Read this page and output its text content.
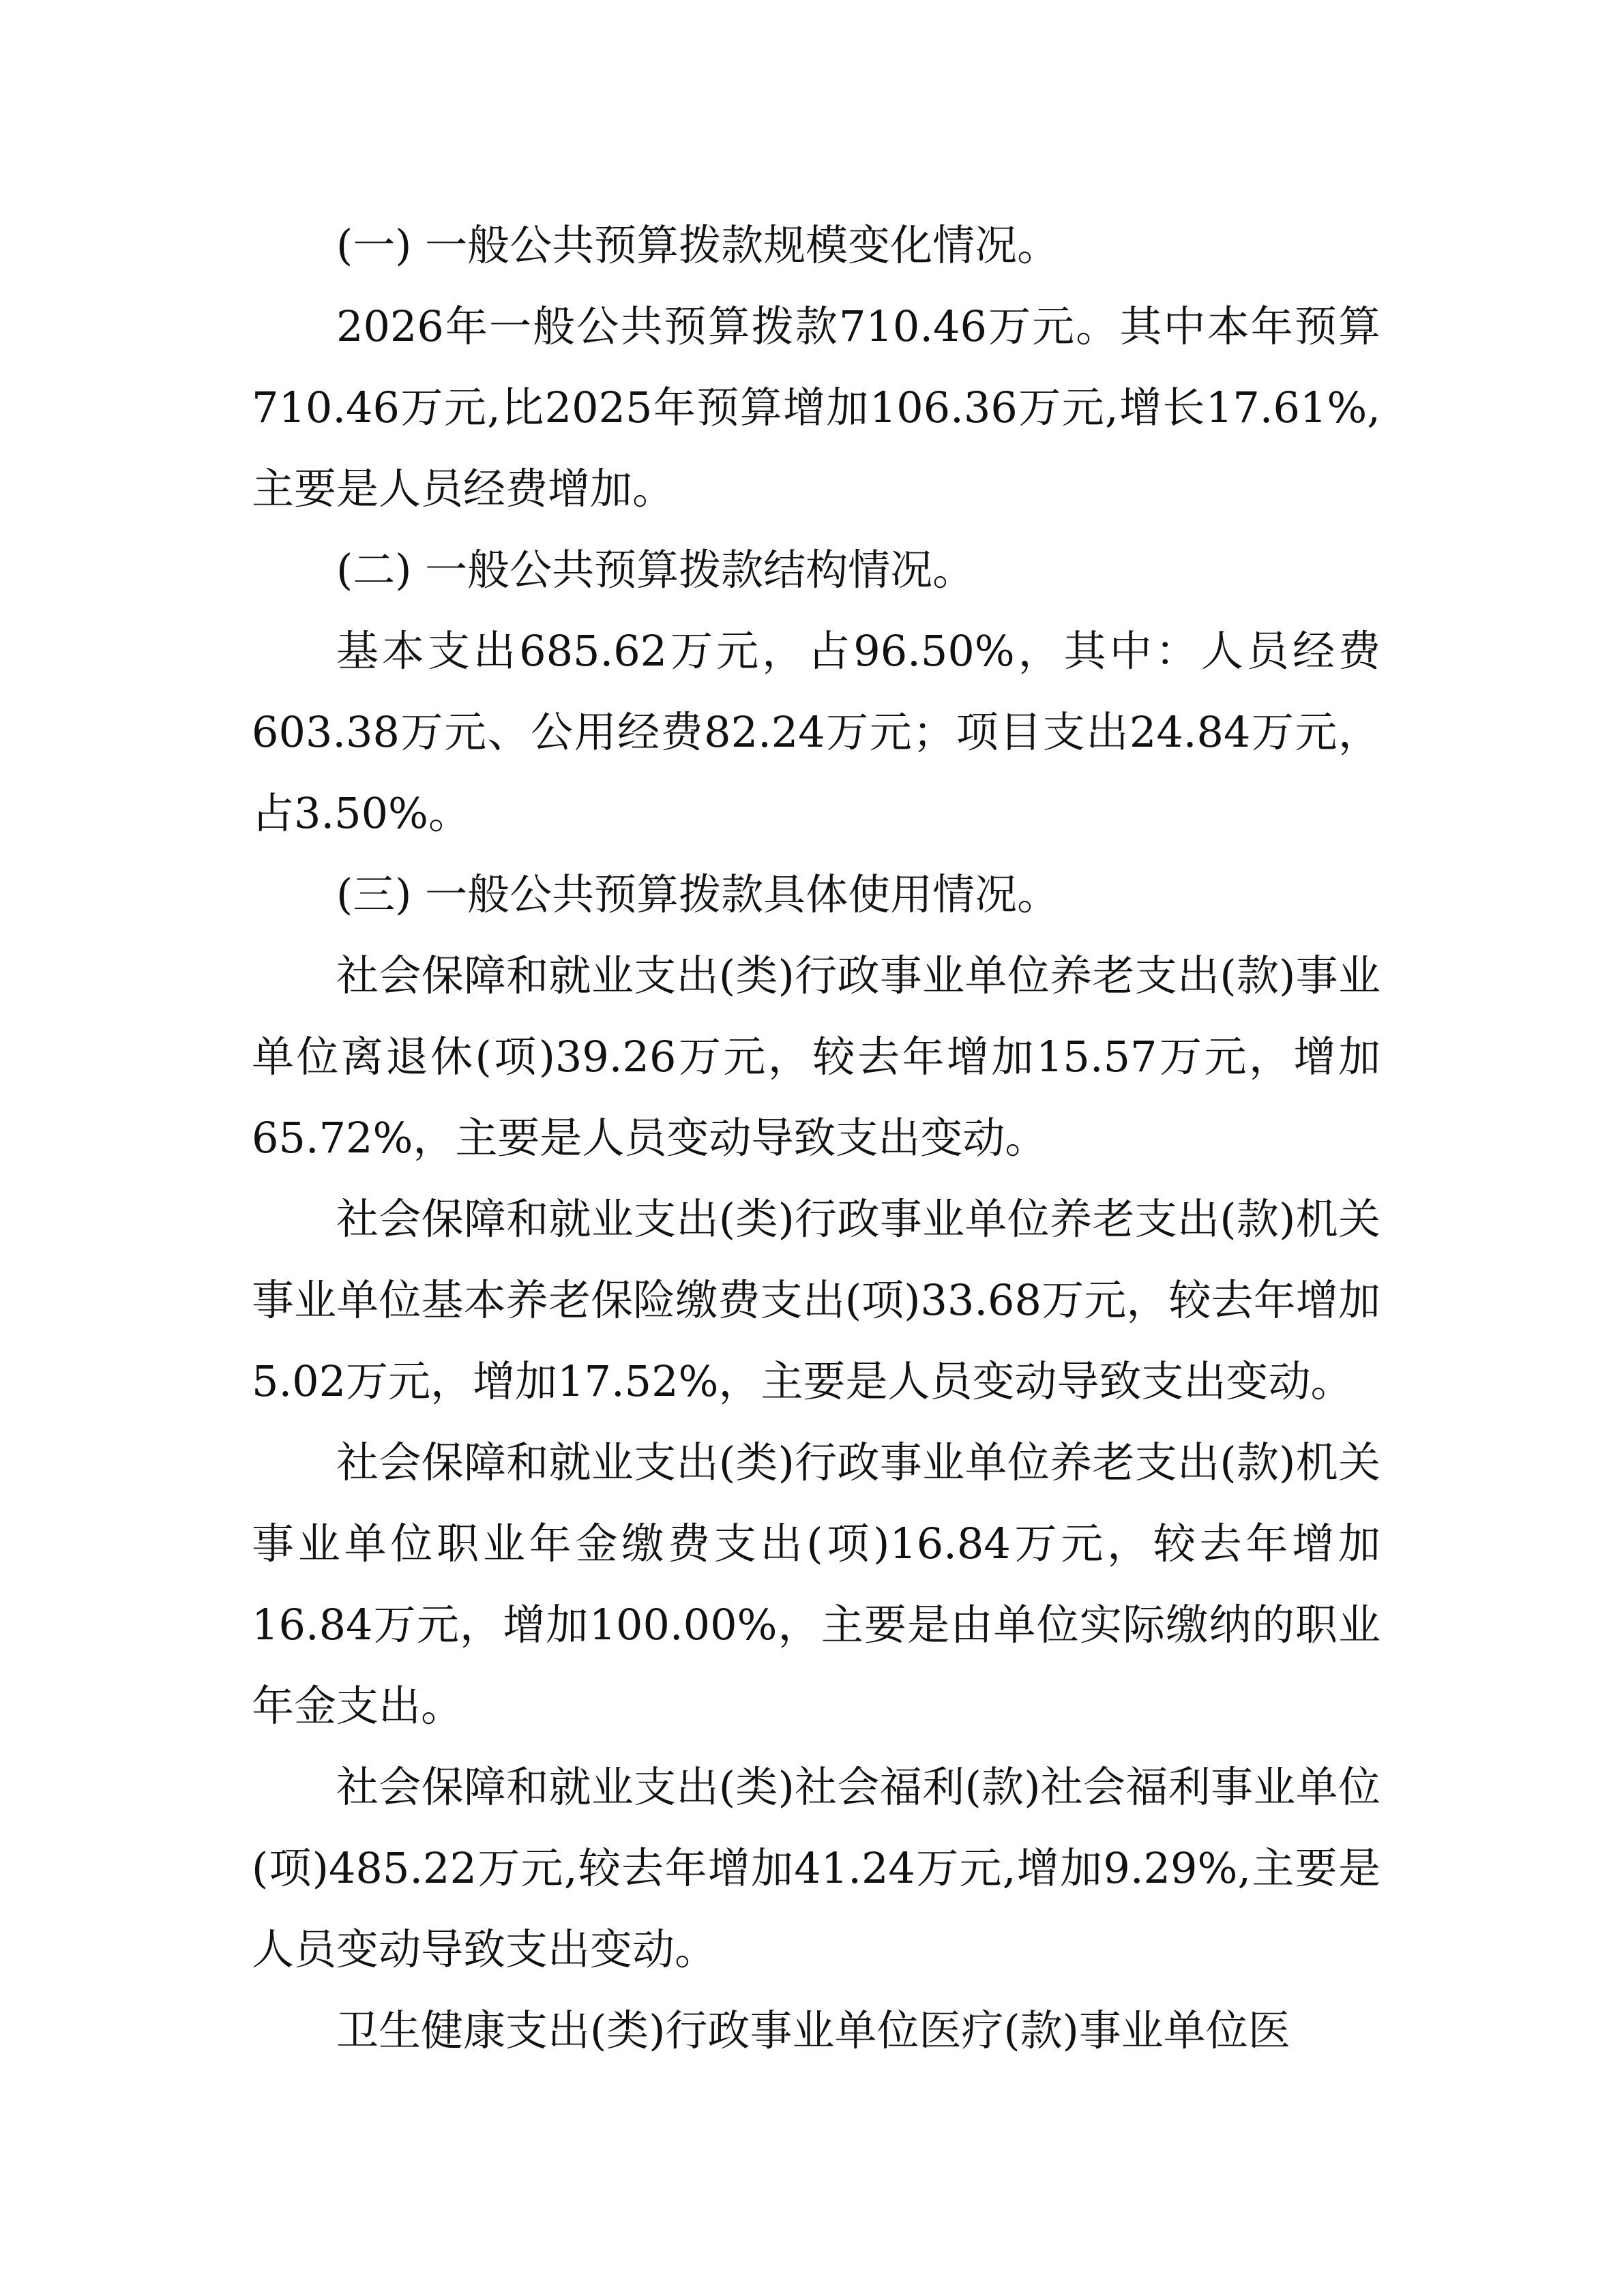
(一) 一般公共预算拨款规模变化情况。

2026年一般公共预算拨款710.46万元。其中本年预算710.46万元,比2025年预算增加106.36万元,增长17.61%,主要是人员经费增加。

(二) 一般公共预算拨款结构情况。

基本支出685.62万元，占96.50%，其中：人员经费603.38万元、公用经费82.24万元；项目支出24.84万元，占3.50%。

(三) 一般公共预算拨款具体使用情况。

社会保障和就业支出(类)行政事业单位养老支出(款)事业单位离退休(项)39.26万元，较去年增加15.57万元，增加65.72%，主要是人员变动导致支出变动。

社会保障和就业支出(类)行政事业单位养老支出(款)机关事业单位基本养老保险缴费支出(项)33.68万元，较去年增加5.02万元，增加17.52%，主要是人员变动导致支出变动。

社会保障和就业支出(类)行政事业单位养老支出(款)机关事业单位职业年金缴费支出(项)16.84万元，较去年增加16.84万元，增加100.00%，主要是由单位实际缴纳的职业年金支出。

社会保障和就业支出(类)社会福利(款)社会福利事业单位(项)485.22万元,较去年增加41.24万元,增加9.29%,主要是人员变动导致支出变动。

卫生健康支出(类)行政事业单位医疗(款)事业单位医
